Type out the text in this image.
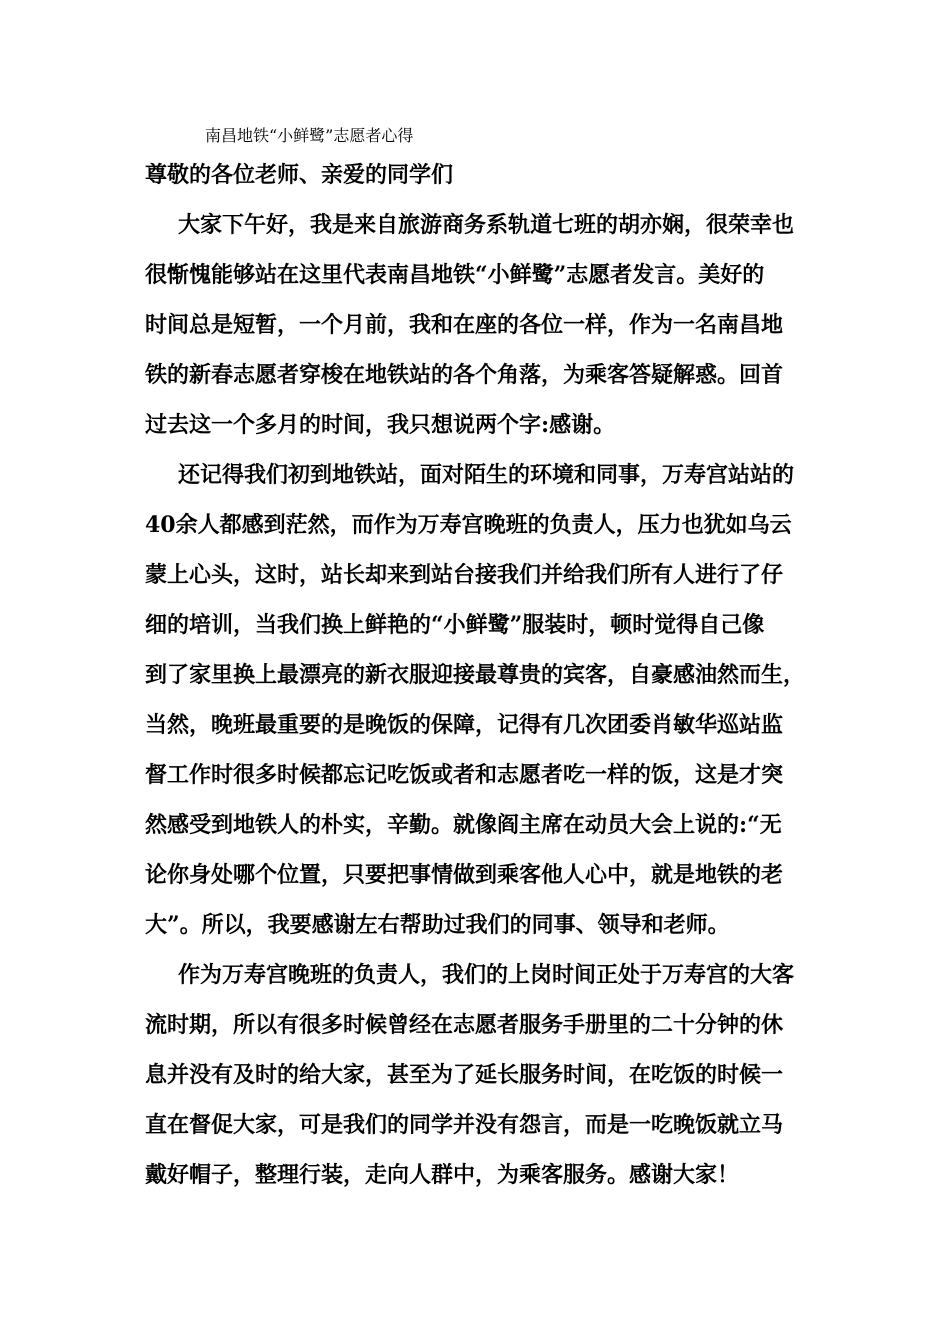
南昌地铁“小鲜鹭”志愿者心得
尊敬的各位老师、亲爱的同学们
大家下午好，我是来自旅游商务系轨道七班的胡亦娴，很荣幸也
很惭愧能够站在这里代表南昌地铁“小鲜鹭”志愿者发言。美好的
时间总是短暂，一个月前，我和在座的各位一样，作为一名南昌地
铁的新春志愿者穿梭在地铁站的各个角落，为乘客答疑解惑。回首
过去这一个多月的时间，我只想说两个字:感谢。
还记得我们初到地铁站，面对陌生的环境和同事，万寿宫站站的
40余人都感到茫然，而作为万寿宫晚班的负责人，压力也犹如乌云
蒙上心头，这时，站长却来到站台接我们并给我们所有人进行了仔
细的培训，当我们换上鲜艳的“小鲜鹭”服装时，顿时觉得自己像
到了家里换上最漂亮的新衣服迎接最尊贵的宾客，自豪感油然而生，
当然，晚班最重要的是晚饭的保障，记得有几次团委肖敏华巡站监
督工作时很多时候都忘记吃饭或者和志愿者吃一样的饭，这是才突
然感受到地铁人的朴实，辛勤。就像阎主席在动员大会上说的:“无
论你身处哪个位置，只要把事情做到乘客他人心中，就是地铁的老
大”。所以，我要感谢左右帮助过我们的同事、领导和老师。
作为万寿宫晚班的负责人，我们的上岗时间正处于万寿宫的大客
流时期，所以有很多时候曾经在志愿者服务手册里的二十分钟的休
息并没有及时的给大家，甚至为了延长服务时间，在吃饭的时候一
直在督促大家，可是我们的同学并没有怨言，而是一吃晚饭就立马
戴好帽子，整理行装，走向人群中，为乘客服务。感谢大家！
